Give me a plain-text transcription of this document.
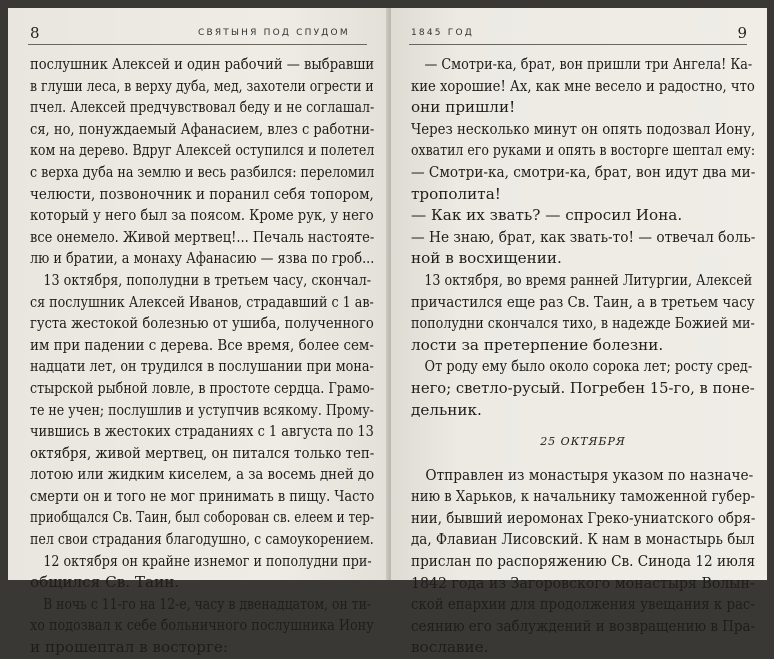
8	СВЯТЫНЯ ПОД СПУДОМ
послушник Алексей и один рабочий — выбравши
в глуши леса, в верху дуба, мед, захотели огрести и
пчел. Алексей предчувствовал беду и не соглашал-
ся, но, понуждаемый Афанасием, влез с работни-
ком на дерево. Вдруг Алексей оступился и полетел
с верха дуба на землю и весь разбился: переломил
челюсти, позвоночник и поранил себя топором,
который у него был за поясом. Кроме рук, у него
все онемело. Живой мертвец!... Печаль настояте-
лю и братии, а монаху Афанасию — язва по гроб...
13 октября, пополудни в третьем часу, скончал-
ся послушник Алексей Иванов, страдавший с 1 ав-
густа жестокой болезнью от ушиба, полученного
им при падении с дерева. Все время, более сем-
надцати лет, он трудился в послушании при мона-
стырской рыбной ловле, в простоте сердца. Грамо-
те не учен; послушлив и уступчив всякому. Прому-
чившись в жестоких страданиях с 1 августа по 13
октября, живой мертвец, он питался только теп-
лотою или жидким киселем, а за восемь дней до
смерти он и того не мог принимать в пищу. Часто
приобщался Св. Таин, был соборован св. елеем и тер-
пел свои страдания благодушно, с самоукорением.
12 октября он крайне изнемог и пополудни при-
общился Св. Таин.
В ночь с 11-го на 12-е, часу в двенадцатом, он ти-
хо подозвал к себе больничного послушника Иону
и прошептал в восторге:
1845 ГОД	9
— Смотри-ка, брат, вон пришли три Ангела! Ка-
кие хорошие! Ах, как мне весело и радостно, что
они пришли!
Через несколько минут он опять подозвал Иону,
охватил его руками и опять в восторге шептал ему:
— Смотри-ка, смотри-ка, брат, вон идут два ми-
трополита!
— Как их звать? — спросил Иона.
— Не знаю, брат, как звать-то! — отвечал боль-
ной в восхищении.
13 октября, во время ранней Литургии, Алексей
причастился еще раз Св. Таин, а в третьем часу
пополудни скончался тихо, в надежде Божией ми-
лости за претерпение болезни.
От роду ему было около сорока лет; росту сред-
него; светло-русый. Погребен 15-го, в поне-
дельник.
25 ОКТЯБРЯ
Отправлен из монастыря указом по назначе-
нию в Харьков, к начальнику таможенной губер-
нии, бывший иеромонах Греко-униатского обря-
да, Флавиан Лисовский. К нам в монастырь был
прислан по распоряжению Св. Синода 12 июля
1842 года из Загоровского монастыря Волын-
ской епархии для продолжения увещания к рас-
сеянию его заблуждений и возвращению в Пра-
вославие.
